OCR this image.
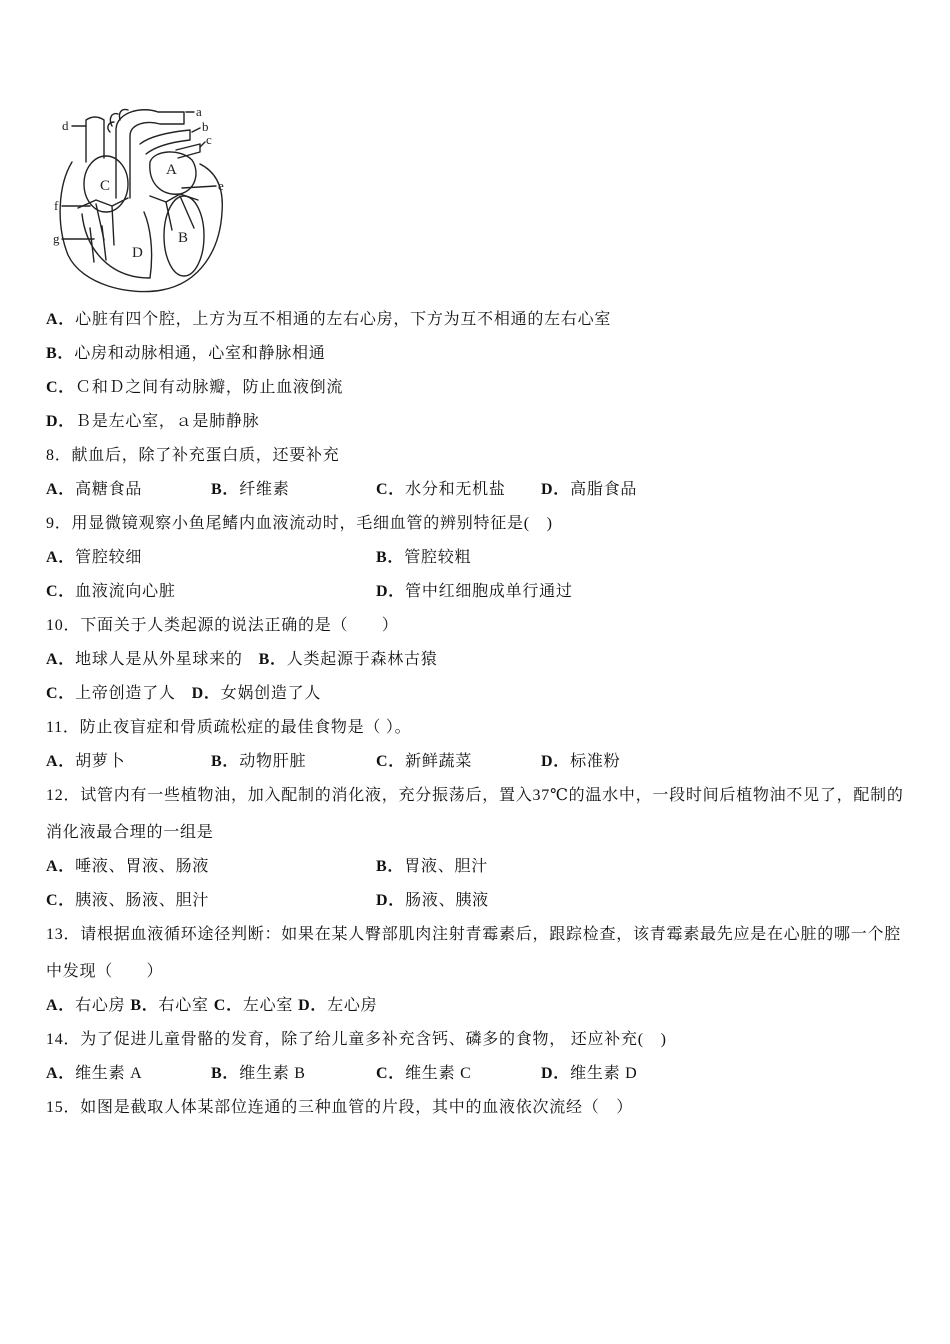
a
b
c
d
e
f
g
A
B
C
D
A．心脏有四个腔，上方为互不相通的左右心房，下方为互不相通的左右心室
B．心房和动脉相通，心室和静脉相通
C．Ｃ和Ｄ之间有动脉瓣，防止血液倒流
D．Ｂ是左心室，ａ是肺静脉
8．献血后，除了补充蛋白质，还要补充
A．高糖食品	B．纤维素	C．水分和无机盐 D．高脂食品
9．用显微镜观察小鱼尾鳍内血液流动时，毛细血管的辨别特征是(　)
A．管腔较细	B．管腔较粗
C．血液流向心脏	D．管中红细胞成单行通过
10．下面关于人类起源的说法正确的是（　　）
A．地球人是从外星球来的 B．人类起源于森林古猿
C．上帝创造了人 D．女娲创造了人
11．防止夜盲症和骨质疏松症的最佳食物是（ ）。
A．胡萝卜	B．动物肝脏	C．新鲜蔬菜	D．标准粉
12．试管内有一些植物油，加入配制的消化液，充分振荡后，置入37℃的温水中，一段时间后植物油不见了，配制的
消化液最合理的一组是
A．唾液、胃液、肠液	B．胃液、胆汁
C．胰液、肠液、胆汁	D．肠液、胰液
13．请根据血液循环途径判断：如果在某人臀部肌肉注射青霉素后，跟踪检查，该青霉素最先应是在心脏的哪一个腔
中发现（　　）
A．右心房 B．右心室 C．左心室 D．左心房
14．为了促进儿童骨骼的发育，除了给儿童多补充含钙、磷多的食物， 还应补充(　)
A．维生素 A	B．维生素 B	C．维生素 C	D．维生素 D
15．如图是截取人体某部位连通的三种血管的片段，其中的血液依次流经（　）
